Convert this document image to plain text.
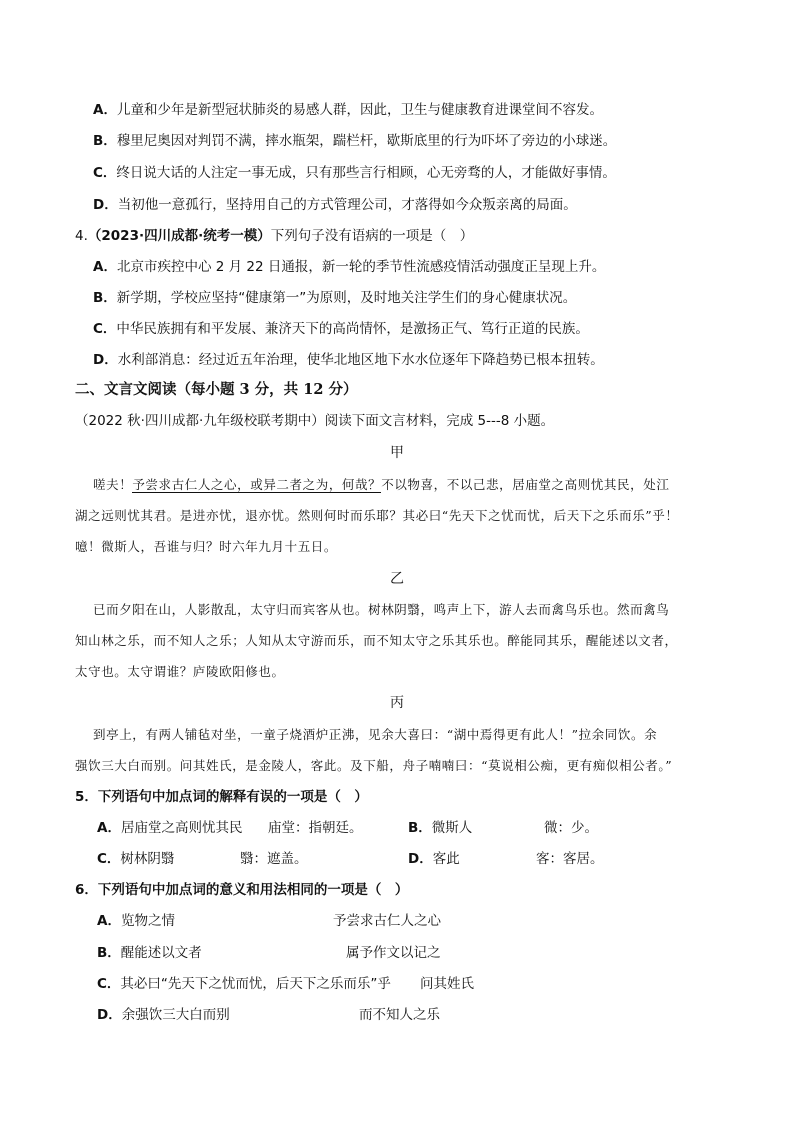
A．儿童和少年是新型冠状肺炎的易感人群，因此，卫生与健康教育进课堂间不容发。
B．穆里尼奥因对判罚不满，摔水瓶架，踹栏杆，歇斯底里的行为吓坏了旁边的小球迷。
C．终日说大话的人注定一事无成，只有那些言行相顾，心无旁骛的人，才能做好事情。
D．当初他一意孤行，坚持用自己的方式管理公司，才落得如今众叛亲离的局面。
4.（2023·四川成都·统考一模）下列句子没有语病的一项是（　）
A．北京市疾控中心 2 月 22 日通报，新一轮的季节性流感疫情活动强度正呈现上升。
B．新学期，学校应坚持“健康第一”为原则，及时地关注学生们的身心健康状况。
C．中华民族拥有和平发展、兼济天下的高尚情怀，是激扬正气、笃行正道的民族。
D．水利部消息：经过近五年治理，使华北地区地下水水位逐年下降趋势已根本扭转。
二、文言文阅读（每小题 3 分，共 12 分）
（2022 秋·四川成都·九年级校联考期中）阅读下面文言材料，完成 5---8 小题。
甲
嗟夫！予尝求古仁人之心，或异二者之为，何哉？不以物喜，不以己悲，居庙堂之高则忧其民，处江
湖之远则忧其君。是进亦忧，退亦忧。然则何时而乐耶？其必曰“先天下之忧而忧，后天下之乐而乐”乎！
噫！微斯人，吾谁与归？时六年九月十五日。
乙
已而夕阳在山，人影散乱，太守归而宾客从也。树林阴翳，鸣声上下，游人去而禽鸟乐也。然而禽鸟
知山林之乐，而不知人之乐；人知从太守游而乐，而不知太守之乐其乐也。醉能同其乐，醒能述以文者，
太守也。太守谓谁？庐陵欧阳修也。
丙
到亭上，有两人铺毡对坐，一童子烧酒炉正沸，见余大喜曰：“湖中焉得更有此人！”拉余同饮。余
强饮三大白而别。问其姓氏，是金陵人，客此。及下船，舟子喃喃曰：“莫说相公痴，更有痴似相公者。”
5．下列语句中加点词的解释有误的一项是（　）
A．居庙堂之高则忧其民 庙堂：指朝廷。	B．微斯人	微：少。
C．树林阴翳	翳：遮盖。	D．客此	客：客居。
6．下列语句中加点词的意义和用法相同的一项是（　）
A．览物之情	予尝求古仁人之心
B．醒能述以文者	属予作文以记之
C．其必曰“先天下之忧而忧，后天下之乐而乐”乎 问其姓氏
D．余强饮三大白而别	而不知人之乐
